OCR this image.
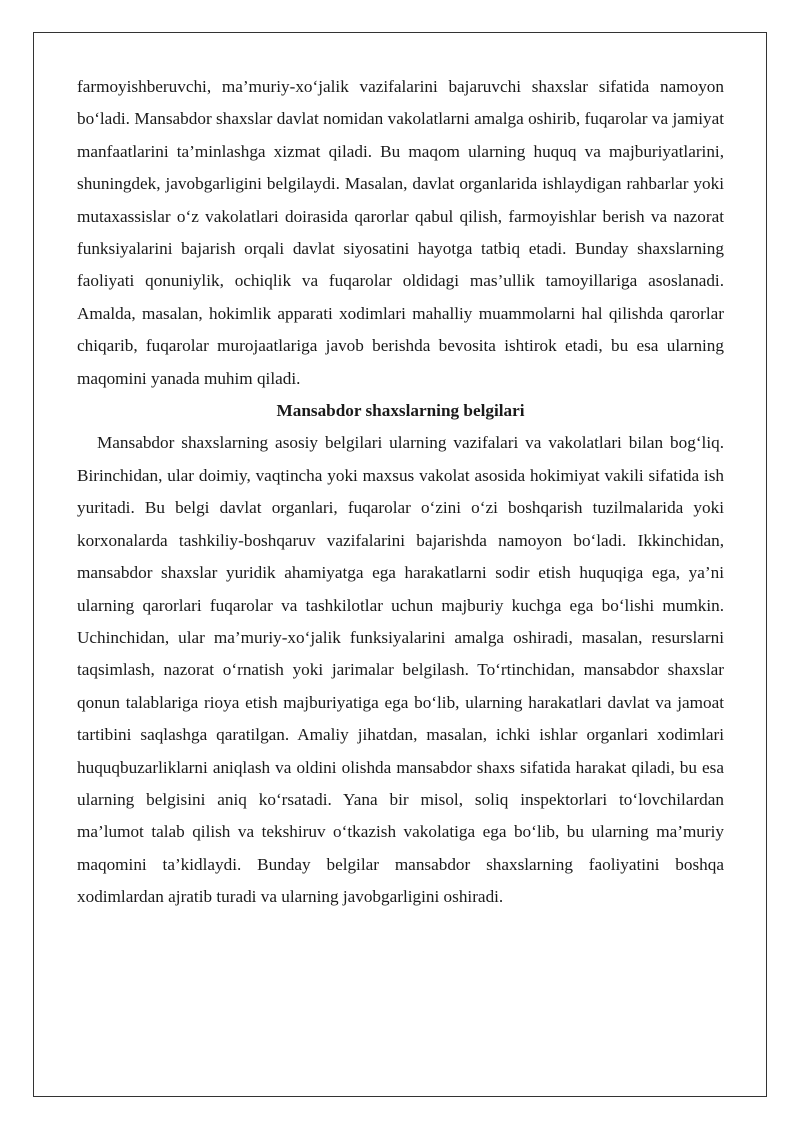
farmoyishberuvchi, ma’muriy-xo‘jalik vazifalarini bajaruvchi shaxslar sifatida namoyon bo‘ladi. Mansabdor shaxslar davlat nomidan vakolatlarni amalga oshirib, fuqarolar va jamiyat manfaatlarini ta’minlashga xizmat qiladi. Bu maqom ularning huquq va majburiyatlarini, shuningdek, javobgarligini belgilaydi. Masalan, davlat organlarida ishlaydigan rahbarlar yoki mutaxassislar o‘z vakolatlari doirasida qarorlar qabul qilish, farmoyishlar berish va nazorat funksiyalarini bajarish orqali davlat siyosatini hayotga tatbiq etadi. Bunday shaxslarning faoliyati qonuniylik, ochiqlik va fuqarolar oldidagi mas’ullik tamoyillariga asoslanadi. Amalda, masalan, hokimlik apparati xodimlari mahalliy muammolarni hal qilishda qarorlar chiqarib, fuqarolar murojaatlariga javob berishda bevosita ishtirok etadi, bu esa ularning maqomini yanada muhim qiladi.

Mansabdor shaxslarning belgilari

Mansabdor shaxslarning asosiy belgilari ularning vazifalari va vakolatlari bilan bog‘liq. Birinchidan, ular doimiy, vaqtincha yoki maxsus vakolat asosida hokimiyat vakili sifatida ish yuritadi. Bu belgi davlat organlari, fuqarolar o‘zini o‘zi boshqarish tuzilmalarida yoki korxonalarda tashkiliy-boshqaruv vazifalarini bajarishda namoyon bo‘ladi. Ikkinchidan, mansabdor shaxslar yuridik ahamiyatga ega harakatlarni sodir etish huquqiga ega, ya’ni ularning qarorlari fuqarolar va tashkilotlar uchun majburiy kuchga ega bo‘lishi mumkin. Uchinchidan, ular ma’muriy-xo‘jalik funksiyalarini amalga oshiradi, masalan, resurslarni taqsimlash, nazorat o‘rnatish yoki jarimalar belgilash. To‘rtinchidan, mansabdor shaxslar qonun talablariga rioya etish majburiyatiga ega bo‘lib, ularning harakatlari davlat va jamoat tartibini saqlashga qaratilgan. Amaliy jihatdan, masalan, ichki ishlar organlari xodimlari huquqbuzarliklarni aniqlash va oldini olishda mansabdor shaxs sifatida harakat qiladi, bu esa ularning belgisini aniq ko‘rsatadi. Yana bir misol, soliq inspektorlari to‘lovchilardan ma’lumot talab qilish va tekshiruv o‘tkazish vakolatiga ega bo‘lib, bu ularning ma’muriy maqomini ta’kidlaydi. Bunday belgilar mansabdor shaxslarning faoliyatini boshqa xodimlardan ajratib turadi va ularning javobgarligini oshiradi.
